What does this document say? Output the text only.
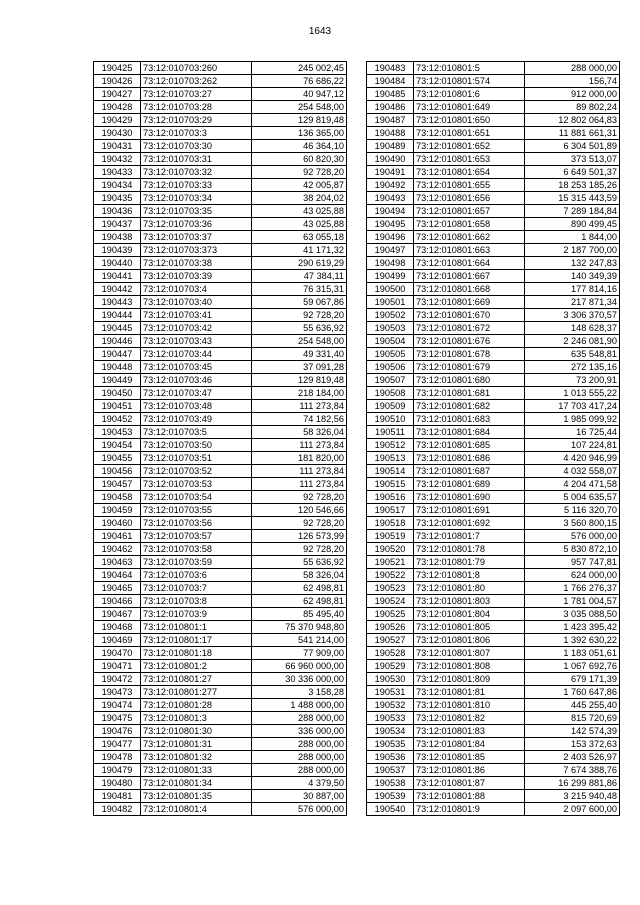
1643
190425	73:12:010703:260	245 002,45
190426	73:12:010703:262	76 686,22
190427	73:12:010703:27	40 947,12
190428	73:12:010703:28	254 548,00
190429	73:12:010703:29	129 819,48
190430	73:12:010703:3	136 365,00
190431	73:12:010703:30	46 364,10
190432	73:12:010703:31	60 820,30
190433	73:12:010703:32	92 728,20
190434	73:12:010703:33	42 005,87
190435	73:12:010703:34	38 204,02
190436	73:12:010703:35	43 025,88
190437	73:12:010703:36	43 025,88
190438	73:12:010703:37	63 055,18
190439	73:12:010703:373	41 171,32
190440	73:12:010703:38	290 619,29
190441	73:12:010703:39	47 384,11
190442	73:12:010703:4	76 315,31
190443	73:12:010703:40	59 067,86
190444	73:12:010703:41	92 728,20
190445	73:12:010703:42	55 636,92
190446	73:12:010703:43	254 548,00
190447	73:12:010703:44	49 331,40
190448	73:12:010703:45	37 091,28
190449	73:12:010703:46	129 819,48
190450	73:12:010703:47	218 184,00
190451	73:12:010703:48	111 273,84
190452	73:12:010703:49	74 182,56
190453	73:12:010703:5	58 326,04
190454	73:12:010703:50	111 273,84
190455	73:12:010703:51	181 820,00
190456	73:12:010703:52	111 273,84
190457	73:12:010703:53	111 273,84
190458	73:12:010703:54	92 728,20
190459	73:12:010703:55	120 546,66
190460	73:12:010703:56	92 728,20
190461	73:12:010703:57	126 573,99
190462	73:12:010703:58	92 728,20
190463	73:12:010703:59	55 636,92
190464	73:12:010703:6	58 326,04
190465	73:12:010703:7	62 498,81
190466	73:12:010703:8	62 498,81
190467	73:12:010703:9	85 495,40
190468	73:12:010801:1	75 370 948,80
190469	73:12:010801:17	541 214,00
190470	73:12:010801:18	77 909,00
190471	73:12:010801:2	66 960 000,00
190472	73:12:010801:27	30 336 000,00
190473	73:12:010801:277	3 158,28
190474	73:12:010801:28	1 488 000,00
190475	73:12:010801:3	288 000,00
190476	73:12:010801:30	336 000,00
190477	73:12:010801:31	288 000,00
190478	73:12:010801:32	288 000,00
190479	73:12:010801:33	288 000,00
190480	73:12:010801:34	4 379,50
190481	73:12:010801:35	30 887,00
190482	73:12:010801:4	576 000,00
190483	73:12:010801:5	288 000,00
190484	73:12:010801:574	156,74
190485	73:12:010801:6	912 000,00
190486	73:12:010801:649	89 802,24
190487	73:12:010801:650	12 802 064,83
190488	73:12:010801:651	11 881 661,31
190489	73:12:010801:652	6 304 501,89
190490	73:12:010801:653	373 513,07
190491	73:12:010801:654	6 649 501,37
190492	73:12:010801:655	18 253 185,26
190493	73:12:010801:656	15 315 443,59
190494	73:12:010801:657	7 289 184,84
190495	73:12:010801:658	890 499,45
190496	73:12:010801:662	1 844,00
190497	73:12:010801:663	2 187 700,00
190498	73:12:010801:664	132 247,83
190499	73:12:010801:667	140 349,39
190500	73:12:010801:668	177 814,16
190501	73:12:010801:669	217 871,34
190502	73:12:010801:670	3 306 370,57
190503	73:12:010801:672	148 628,37
190504	73:12:010801:676	2 246 081,90
190505	73:12:010801:678	635 548,81
190506	73:12:010801:679	272 135,16
190507	73:12:010801:680	73 200,91
190508	73:12:010801:681	1 013 555,22
190509	73:12:010801:682	17 703 417,24
190510	73:12:010801:683	1 985 099,92
190511	73:12:010801:684	16 725,44
190512	73:12:010801:685	107 224,81
190513	73:12:010801:686	4 420 946,99
190514	73:12:010801:687	4 032 558,07
190515	73:12:010801:689	4 204 471,58
190516	73:12:010801:690	5 004 635,57
190517	73:12:010801:691	5 116 320,70
190518	73:12:010801:692	3 560 800,15
190519	73:12:010801:7	576 000,00
190520	73:12:010801:78	5 830 872,10
190521	73:12:010801:79	957 747,81
190522	73:12:010801:8	624 000,00
190523	73:12:010801:80	1 766 276,37
190524	73:12:010801:803	1 781 004,57
190525	73:12:010801:804	3 035 088,50
190526	73:12:010801:805	1 423 395,42
190527	73:12:010801:806	1 392 630,22
190528	73:12:010801:807	1 183 051,61
190529	73:12:010801:808	1 067 692,76
190530	73:12:010801:809	679 171,39
190531	73:12:010801:81	1 760 647,86
190532	73:12:010801:810	445 255,40
190533	73:12:010801:82	815 720,69
190534	73:12:010801:83	142 574,39
190535	73:12:010801:84	153 372,63
190536	73:12:010801:85	2 403 526,97
190537	73:12:010801:86	7 674 388,76
190538	73:12:010801:87	16 299 881,86
190539	73:12:010801:88	3 215 940,48
190540	73:12:010801:9	2 097 600,00
